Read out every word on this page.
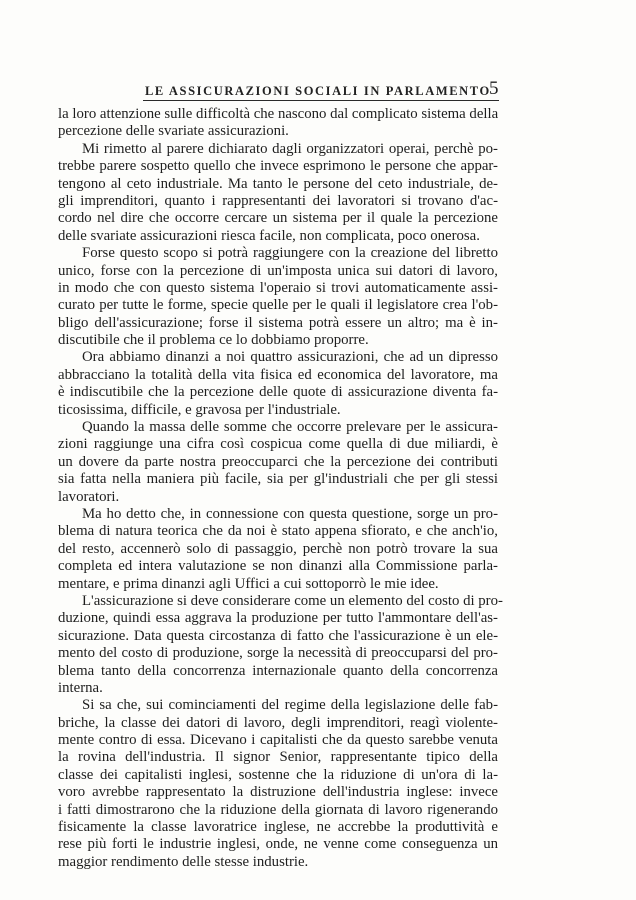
LE ASSICURAZIONI SOCIALI IN PARLAMENTO
5

la loro attenzione sulle difficoltà che nascono dal complicato sistema della
percezione delle svariate assicurazioni.

Mi rimetto al parere dichiarato dagli organizzatori operai, perchè po-
trebbe parere sospetto quello che invece esprimono le persone che appar-
tengono al ceto industriale. Ma tanto le persone del ceto industriale, de-
gli imprenditori, quanto i rappresentanti dei lavoratori si trovano d'ac-
cordo nel dire che occorre cercare un sistema per il quale la percezione
delle svariate assicurazioni riesca facile, non complicata, poco onerosa.

Forse questo scopo si potrà raggiungere con la creazione del libretto
unico, forse con la percezione di un'imposta unica sui datori di lavoro,
in modo che con questo sistema l'operaio si trovi automaticamente assi-
curato per tutte le forme, specie quelle per le quali il legislatore crea l'ob-
bligo dell'assicurazione; forse il sistema potrà essere un altro; ma è in-
discutibile che il problema ce lo dobbiamo proporre.

Ora abbiamo dinanzi a noi quattro assicurazioni, che ad un dipresso
abbracciano la totalità della vita fisica ed economica del lavoratore, ma
è indiscutibile che la percezione delle quote di assicurazione diventa fa-
ticosissima, difficile, e gravosa per l'industriale.

Quando la massa delle somme che occorre prelevare per le assicura-
zioni raggiunge una cifra così cospicua come quella di due miliardi, è
un dovere da parte nostra preoccuparci che la percezione dei contributi
sia fatta nella maniera più facile, sia per gl'industriali che per gli stessi
lavoratori.

Ma ho detto che, in connessione con questa questione, sorge un pro-
blema di natura teorica che da noi è stato appena sfiorato, e che anch'io,
del resto, accennerò solo di passaggio, perchè non potrò trovare la sua
completa ed intera valutazione se non dinanzi alla Commissione parla-
mentare, e prima dinanzi agli Uffici a cui sottoporrò le mie idee.

L'assicurazione si deve considerare come un elemento del costo di pro-
duzione, quindi essa aggrava la produzione per tutto l'ammontare dell'as-
sicurazione. Data questa circostanza di fatto che l'assicurazione è un ele-
mento del costo di produzione, sorge la necessità di preoccuparsi del pro-
blema tanto della concorrenza internazionale quanto della concorrenza
interna.

Si sa che, sui cominciamenti del regime della legislazione delle fab-
briche, la classe dei datori di lavoro, degli imprenditori, reagì violente-
mente contro di essa. Dicevano i capitalisti che da questo sarebbe venuta
la rovina dell'industria. Il signor Senior, rappresentante tipico della
classe dei capitalisti inglesi, sostenne che la riduzione di un'ora di la-
voro avrebbe rappresentato la distruzione dell'industria inglese: invece
i fatti dimostrarono che la riduzione della giornata di lavoro rigenerando
fisicamente la classe lavoratrice inglese, ne accrebbe la produttività e
rese più forti le industrie inglesi, onde, ne venne come conseguenza un
maggior rendimento delle stesse industrie.
